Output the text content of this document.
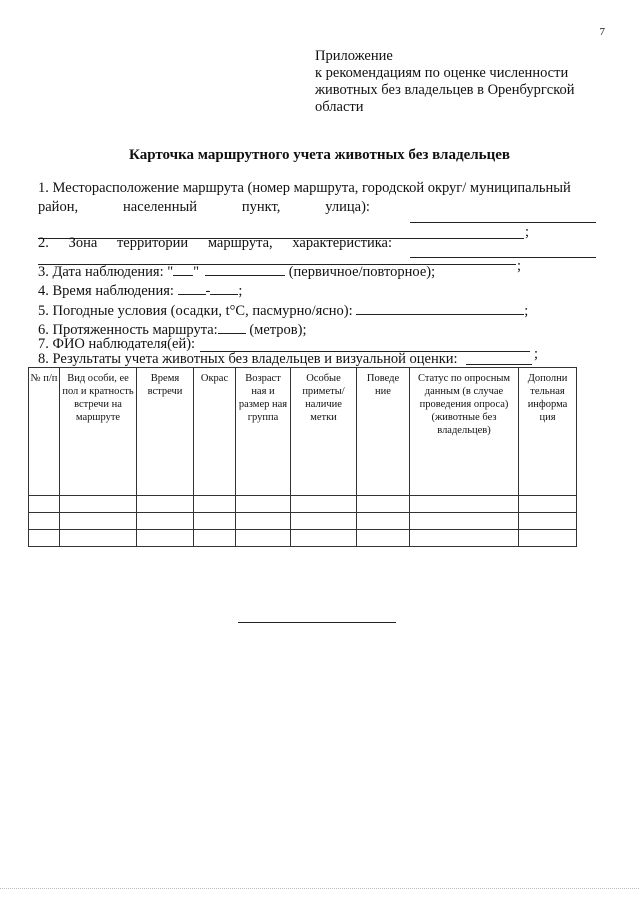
7
Приложение
к рекомендациям по оценке численности
животных без владельцев в Оренбургской
области
Карточка маршрутного учета животных без владельцев
1. Месторасположение маршрута (номер маршрута, городской округ/ муниципальный
район,	населенный	пункт,	улица):
;
2. Зона территории маршрута, характеристика:
3. Дата наблюдения: " "	(первичное/повторное);	;
4. Время наблюдения: - ;
5. Погодные условия (осадки, t°C, пасмурно/ясно):	;
6. Протяженность маршрута: (метров);
7. ФИО наблюдателя(ей):
8. Результаты учета животных без владельцев и визуальной оценки:	;
№ п/п	Вид особи, ее пол и кратность встречи на маршруте	Время встречи	Окрас	Возраст ная и размер ная группа	Особые приметы/ наличие метки	Поведе ние	Статус по опросным данным (в случае проведения опроса) (животные без владельцев)	Дополни тельная информа ция
